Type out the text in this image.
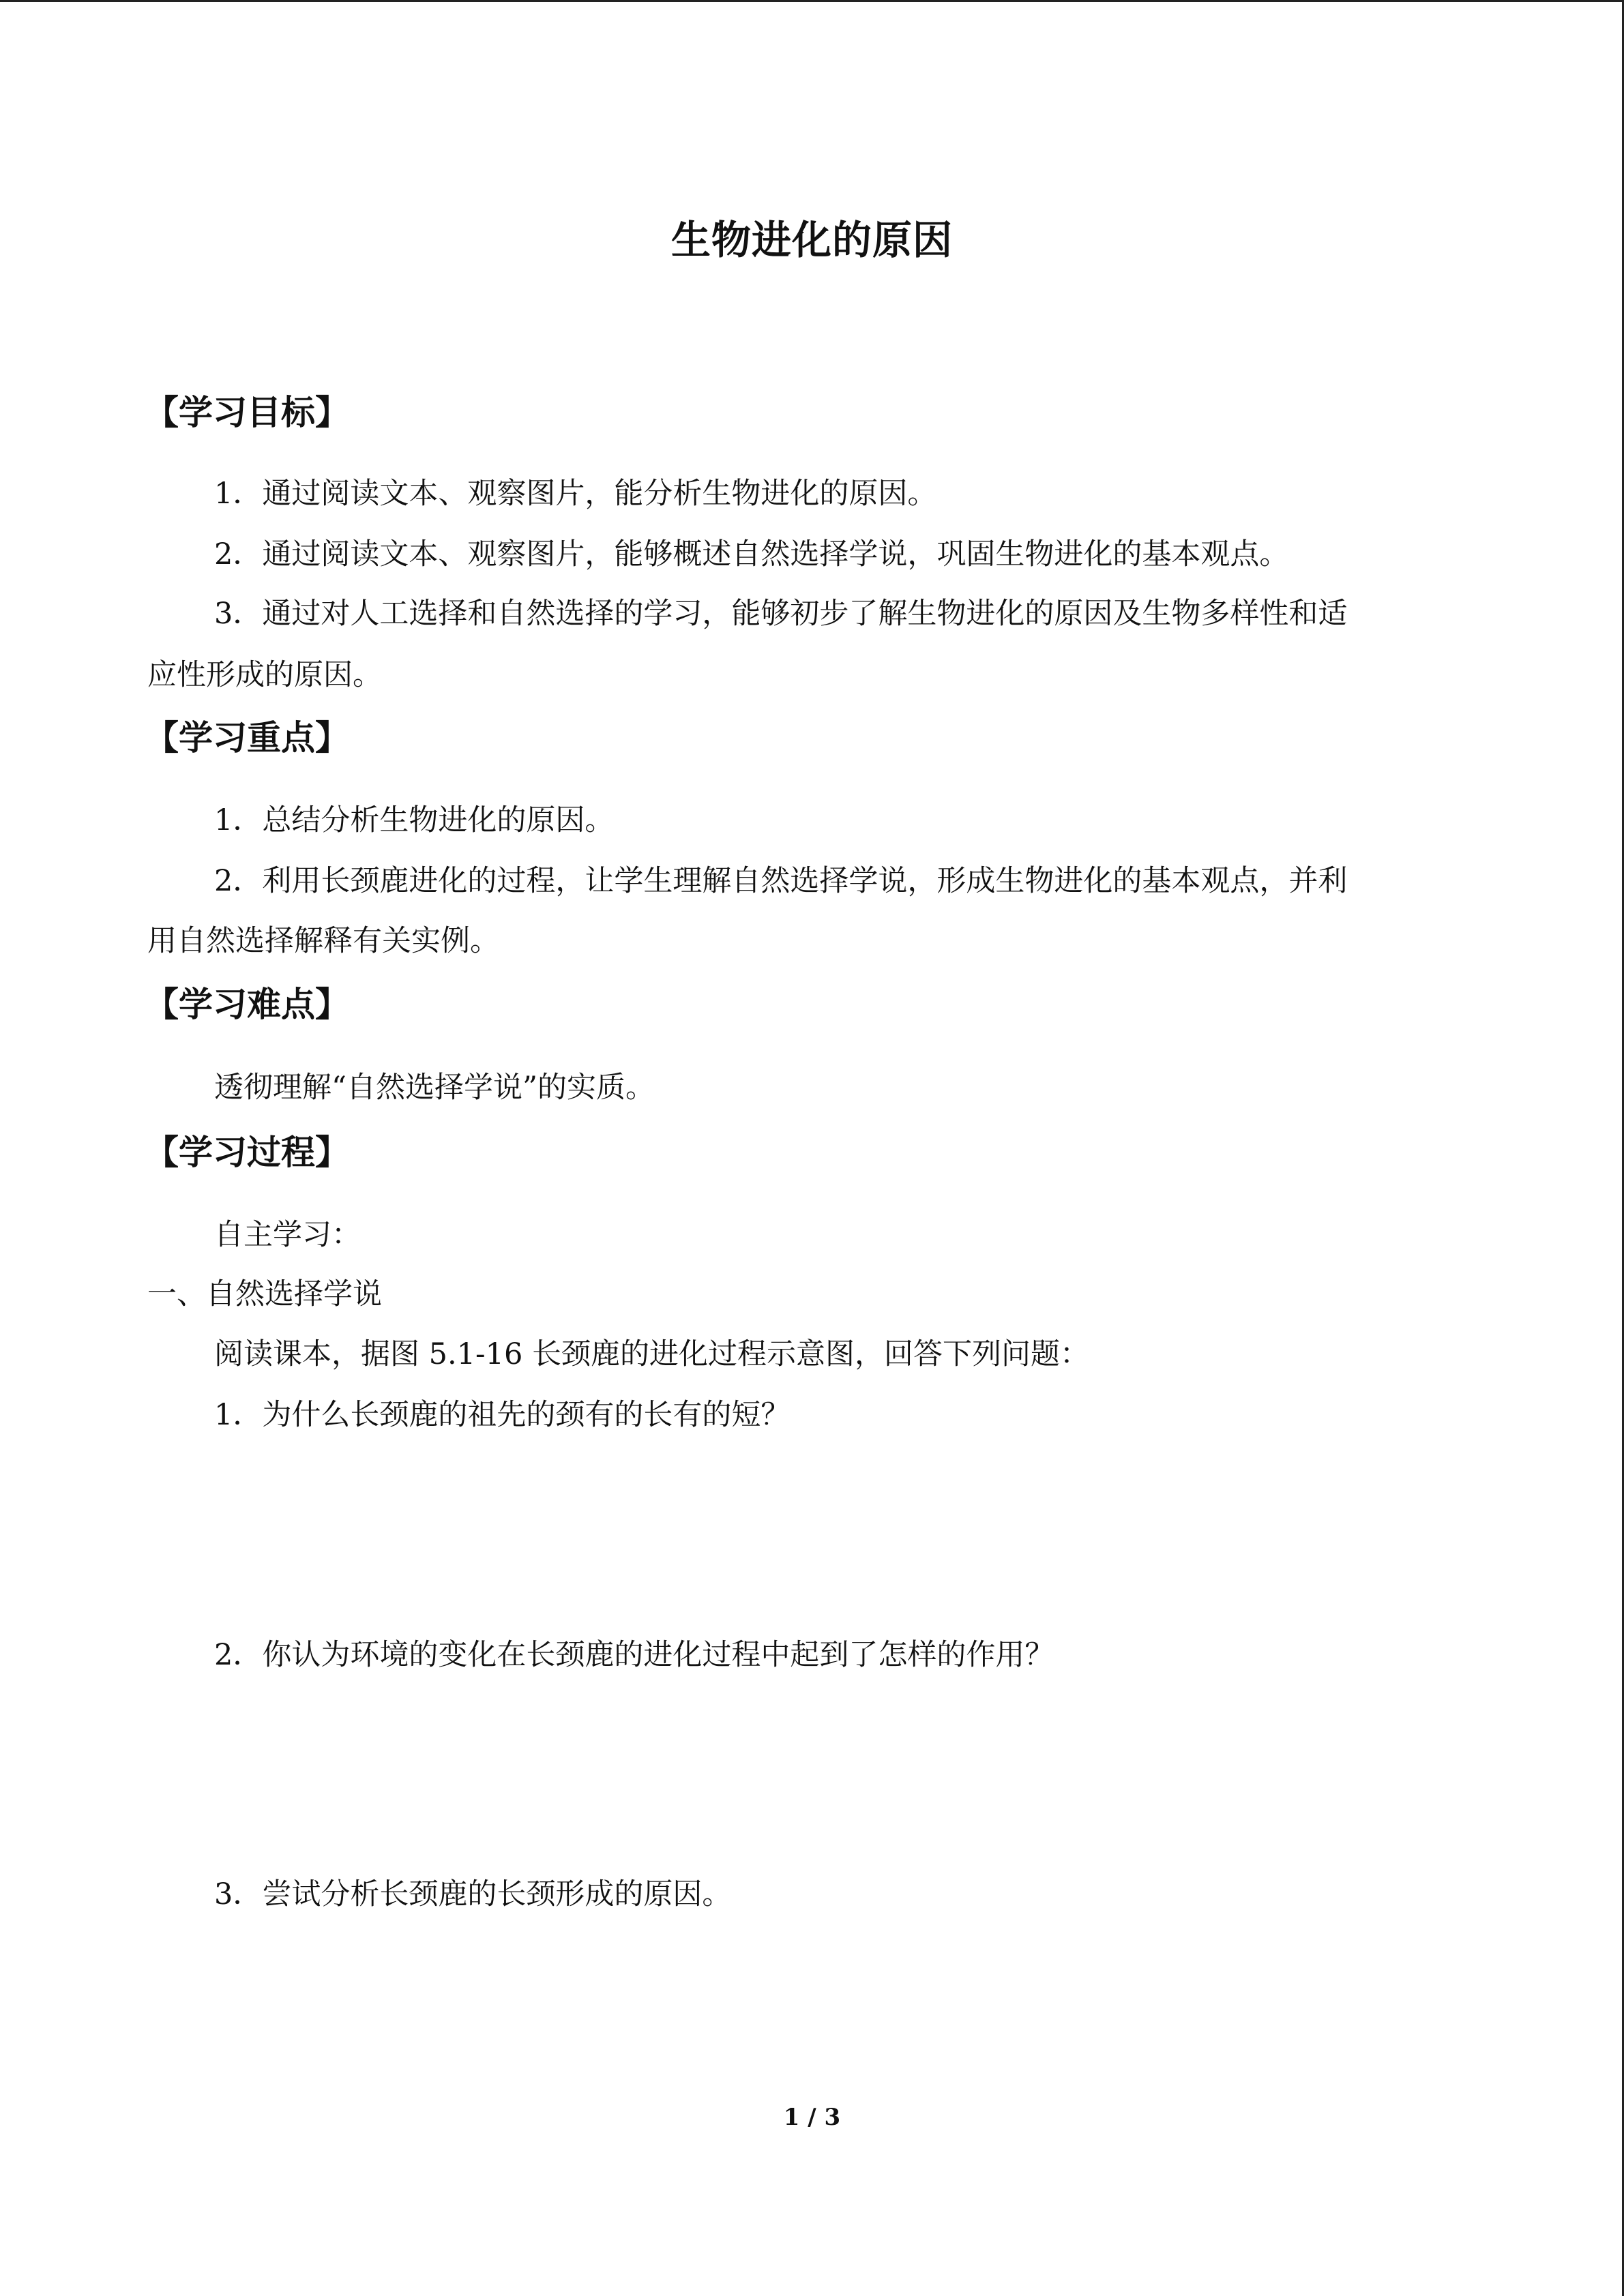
生物进化的原因
【学习目标】
1．通过阅读文本、观察图片，能分析生物进化的原因。
2．通过阅读文本、观察图片，能够概述自然选择学说，巩固生物进化的基本观点。
3．通过对人工选择和自然选择的学习，能够初步了解生物进化的原因及生物多样性和适
应性形成的原因。
【学习重点】
1．总结分析生物进化的原因。
2．利用长颈鹿进化的过程，让学生理解自然选择学说，形成生物进化的基本观点，并利
用自然选择解释有关实例。
【学习难点】
透彻理解“自然选择学说”的实质。
【学习过程】
自主学习：
一、自然选择学说
阅读课本，据图 5.1-16 长颈鹿的进化过程示意图，回答下列问题：
1．为什么长颈鹿的祖先的颈有的长有的短？
2．你认为环境的变化在长颈鹿的进化过程中起到了怎样的作用？
3．尝试分析长颈鹿的长颈形成的原因。
1 / 3
